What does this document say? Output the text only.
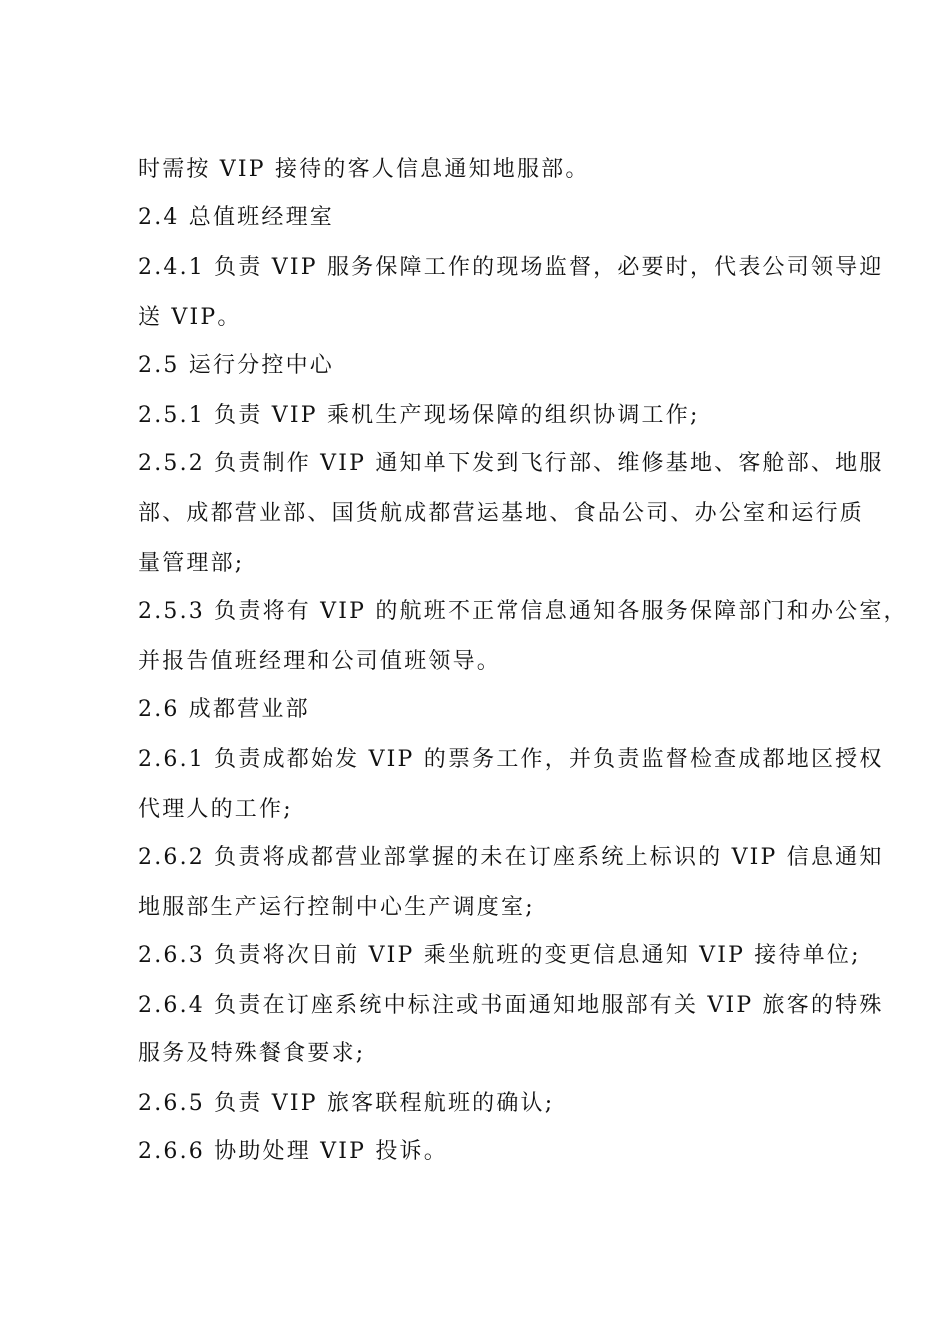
时需按 VIP 接待的客人信息通知地服部。
2.4 总值班经理室
2.4.1 负责 VIP 服务保障工作的现场监督，必要时，代表公司领导迎
送 VIP。
2.5 运行分控中心
2.5.1 负责 VIP 乘机生产现场保障的组织协调工作;
2.5.2 负责制作 VIP 通知单下发到飞行部、维修基地、客舱部、地服
部、成都营业部、国货航成都营运基地、食品公司、办公室和运行质
量管理部;
2.5.3 负责将有 VIP 的航班不正常信息通知各服务保障部门和办公室，
并报告值班经理和公司值班领导。
2.6 成都营业部
2.6.1 负责成都始发 VIP 的票务工作，并负责监督检查成都地区授权
代理人的工作;
2.6.2 负责将成都营业部掌握的未在订座系统上标识的 VIP 信息通知
地服部生产运行控制中心生产调度室;
2.6.3 负责将次日前 VIP 乘坐航班的变更信息通知 VIP 接待单位;
2.6.4 负责在订座系统中标注或书面通知地服部有关 VIP 旅客的特殊
服务及特殊餐食要求;
2.6.5 负责 VIP 旅客联程航班的确认;
2.6.6 协助处理 VIP 投诉。
